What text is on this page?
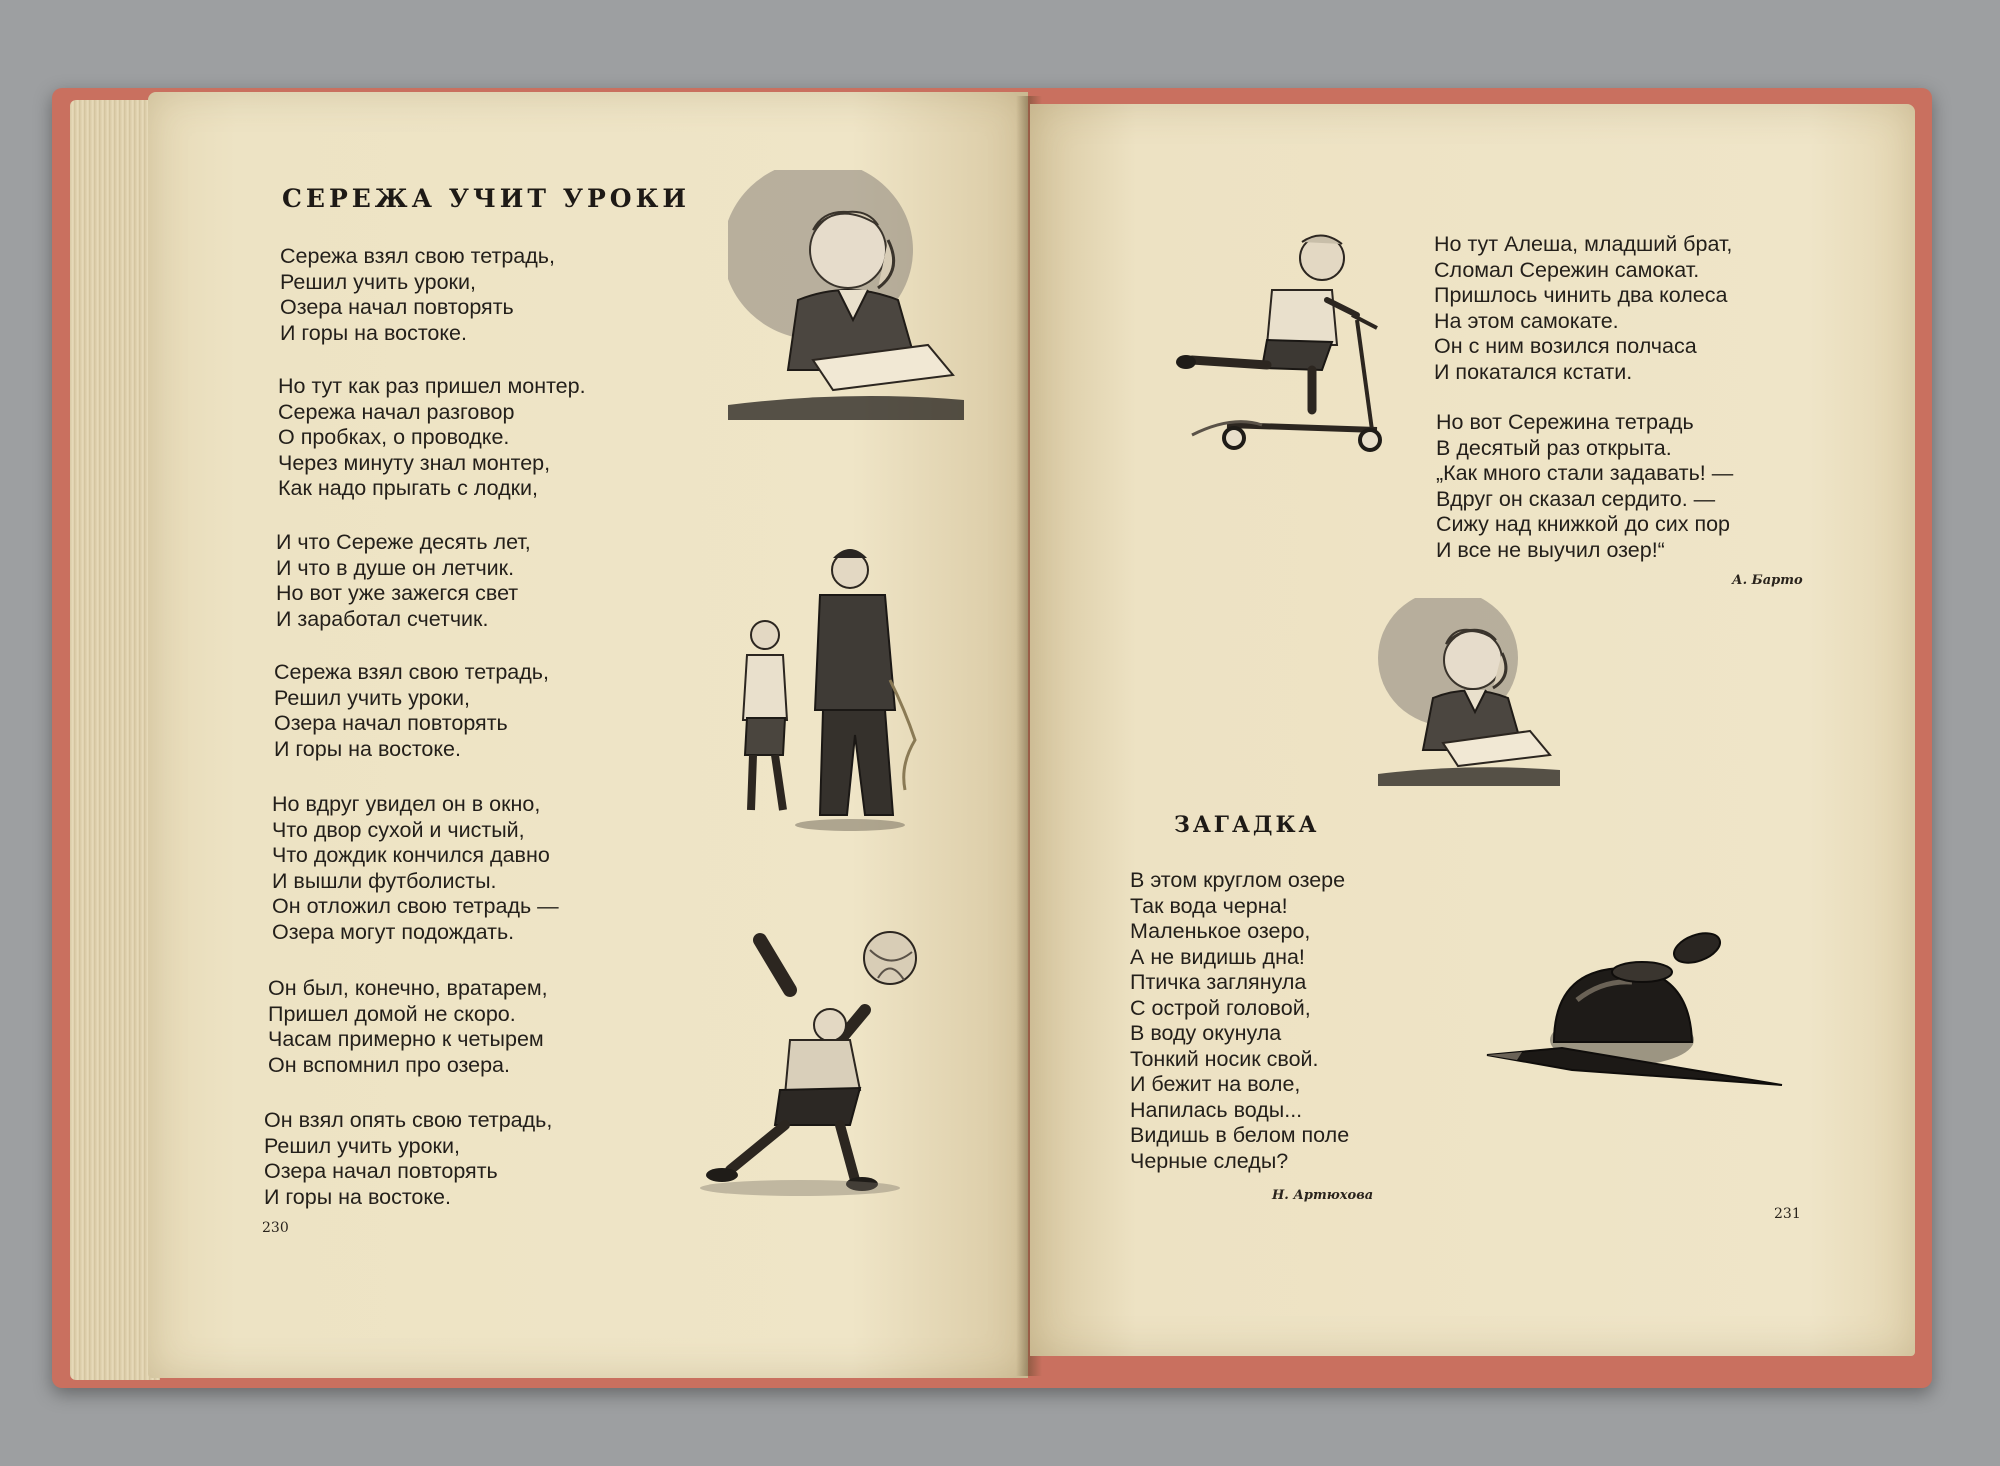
СЕРЕЖА УЧИТ УРОКИ
Сережа взял свою тетрадь,
Решил учить уроки,
Озера начал повторять
И горы на востоке.
Но тут как раз пришел монтер.
Сережа начал разговор
О пробках, о проводке.
Через минуту знал монтер,
Как надо прыгать с лодки,
И что Сереже десять лет,
И что в душе он летчик.
Но вот уже зажегся свет
И заработал счетчик.
Сережа взял свою тетрадь,
Решил учить уроки,
Озера начал повторять
И горы на востоке.
Но вдруг увидел он в окно,
Что двор сухой и чистый,
Что дождик кончился давно
И вышли футболисты.
Он отложил свою тетрадь —
Озера могут подождать.
Он был, конечно, вратарем,
Пришел домой не скоро.
Часам примерно к четырем
Он вспомнил про озера.
Он взял опять свою тетрадь,
Решил учить уроки,
Озера начал повторять
И горы на востоке.
230
Но тут Алеша, младший брат,
Сломал Сережин самокат.
Пришлось чинить два колеса
На этом самокате.
Он с ним возился полчаса
И покатался кстати.
Но вот Сережина тетрадь
В десятый раз открыта.
„Как много стали задавать! —
Вдруг он сказал сердито. —
Сижу над книжкой до сих пор
И все не выучил озер!“
А. Барто
ЗАГАДКА
В этом круглом озере
Так вода черна!
Маленькое озеро,
А не видишь дна!
Птичка заглянула
С острой головой,
В воду окунула
Тонкий носик свой.
И бежит на воле,
Напилась воды...
Видишь в белом поле
Черные следы?
Н. Артюхова
231
